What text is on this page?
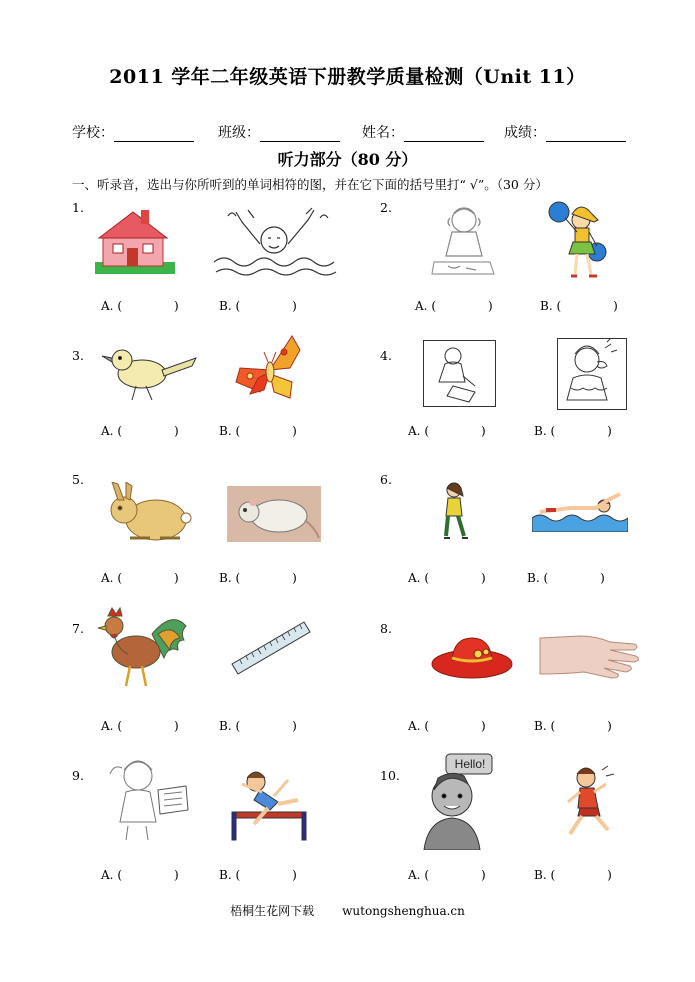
2011 学年二年级英语下册教学质量检测（Unit 11）
学校：	班级：	姓名：	成绩：
听力部分（80 分）
一、听录音，选出与你所听到的单词相符的图，并在它下面的括号里打“ √”。（30 分）
1.
A. (	)	B. (	)
2.
A. (	)	B. (	)
3.
A. (	)	B. (	)
4.
A. (	)	B. (	)
5.
A. (	)	B. (	)
6.
A. (	)	B. (	)
7.
A. (	)	B. (	)
8.
A. (	)	B. (	)
9.
A. (	)	B. (	)
10.
Hello!
A. (	)	B. (	)
梧桐生花网下载 wutongshenghua.cn
